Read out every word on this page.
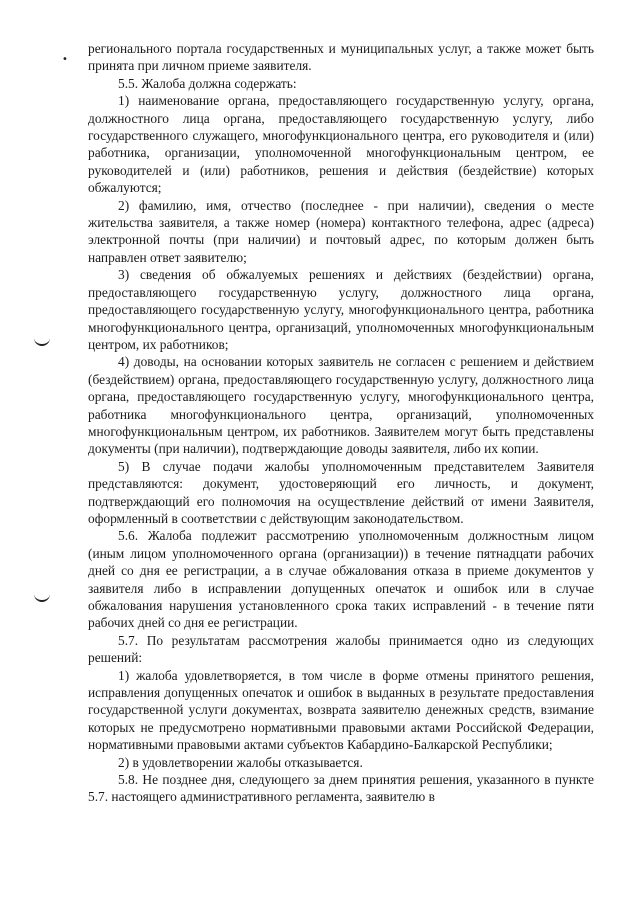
•

регионального портала государственных и муниципальных услуг, а также может быть принята при личном приеме заявителя.

5.5. Жалоба должна содержать:

1) наименование органа, предоставляющего государственную услугу, органа, должностного лица органа, предоставляющего государственную услугу, либо государственного служащего, многофункционального центра, его руководителя и (или) работника, организации, уполномоченной многофункциональным центром, ее руководителей и (или) работников, решения и действия (бездействие) которых обжалуются;

2) фамилию, имя, отчество (последнее - при наличии), сведения о месте жительства заявителя, а также номер (номера) контактного телефона, адрес (адреса) электронной почты (при наличии) и почтовый адрес, по которым должен быть направлен ответ заявителю;

3) сведения об обжалуемых решениях и действиях (бездействии) органа, предоставляющего государственную услугу, должностного лица органа, предоставляющего государственную услугу, многофункционального центра, работника многофункционального центра, организаций, уполномоченных многофункциональным центром, их работников;

4) доводы, на основании которых заявитель не согласен с решением и действием (бездействием) органа, предоставляющего государственную услугу, должностного лица органа, предоставляющего государственную услугу, многофункционального центра, работника многофункционального центра, организаций, уполномоченных многофункциональным центром, их работников. Заявителем могут быть представлены документы (при наличии), подтверждающие доводы заявителя, либо их копии.

5) В случае подачи жалобы уполномоченным представителем Заявителя представляются: документ, удостоверяющий его личность, и документ, подтверждающий его полномочия на осуществление действий от имени Заявителя, оформленный в соответствии с действующим законодательством.

5.6. Жалоба подлежит рассмотрению уполномоченным должностным лицом (иным лицом уполномоченного органа (организации)) в течение пятнадцати рабочих дней со дня ее регистрации, а в случае обжалования отказа в приеме документов у заявителя либо в исправлении допущенных опечаток и ошибок или в случае обжалования нарушения установленного срока таких исправлений - в течение пяти рабочих дней со дня ее регистрации.

5.7. По результатам рассмотрения жалобы принимается одно из следующих решений:

1) жалоба удовлетворяется, в том числе в форме отмены принятого решения, исправления допущенных опечаток и ошибок в выданных в результате предоставления государственной услуги документах, возврата заявителю денежных средств, взимание которых не предусмотрено нормативными правовыми актами Российской Федерации, нормативными правовыми актами субъектов Кабардино-Балкарской Республики;

2) в удовлетворении жалобы отказывается.

5.8. Не позднее дня, следующего за днем принятия решения, указанного в пункте 5.7. настоящего административного регламента, заявителю в
